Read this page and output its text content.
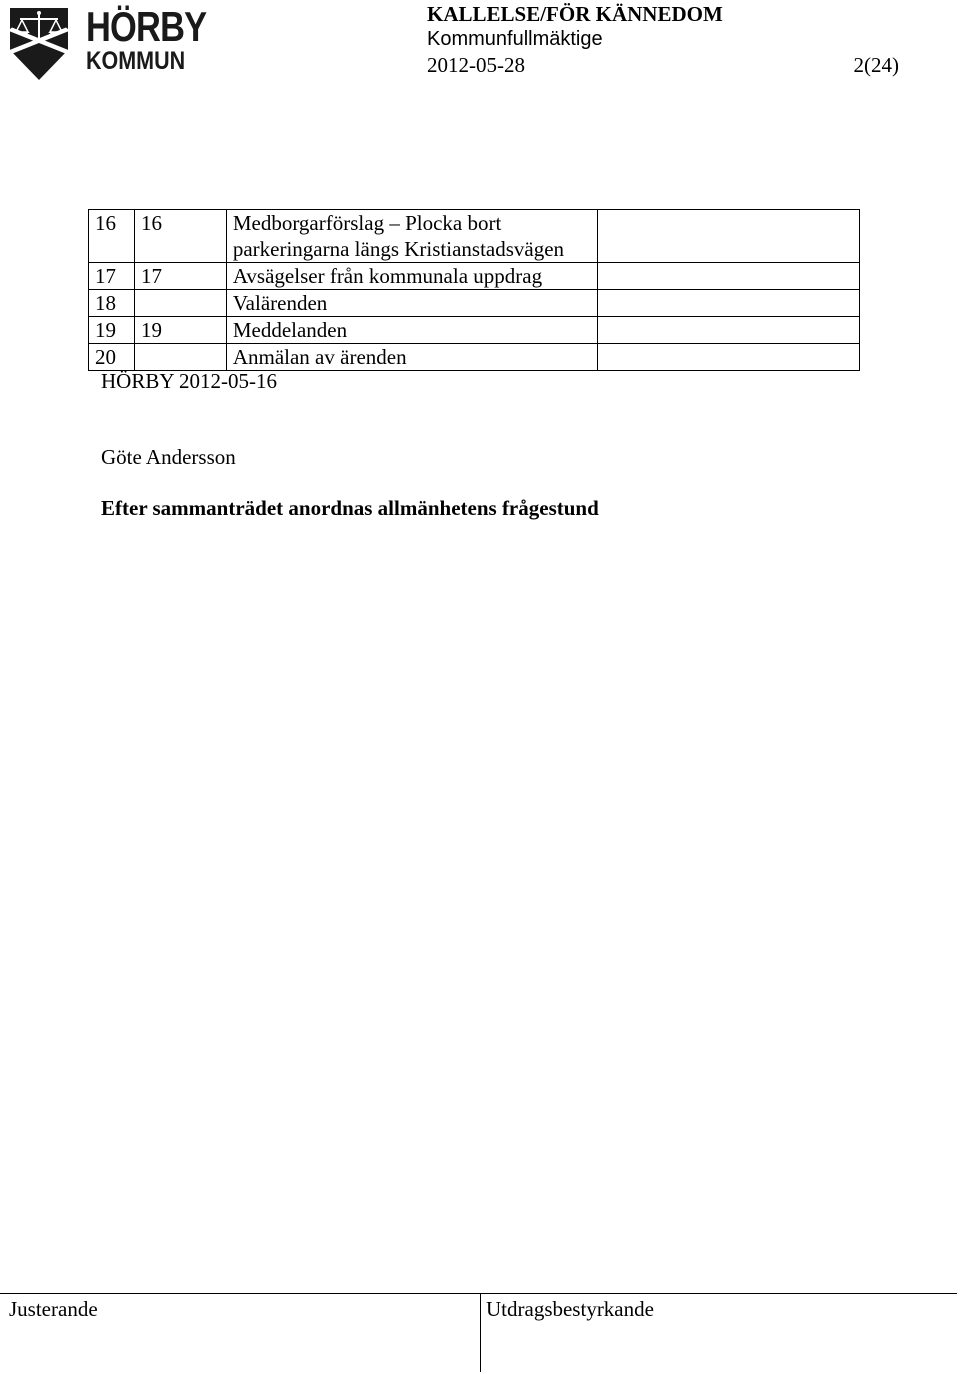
HÖRBY
KOMMUN
KALLELSE/FÖR KÄNNEDOM
Kommunfullmäktige
2012-05-28	2(24)
16	16	Medborgarförslag – Plocka bort parkeringarna längs Kristianstadsvägen	
17	17	Avsägelser från kommunala uppdrag	
18		Valärenden	
19	19	Meddelanden	
20		Anmälan av ärenden	
HÖRBY 2012-05-16
Göte Andersson
Efter sammanträdet anordnas allmänhetens frågestund
Justerande	Utdragsbestyrkande
